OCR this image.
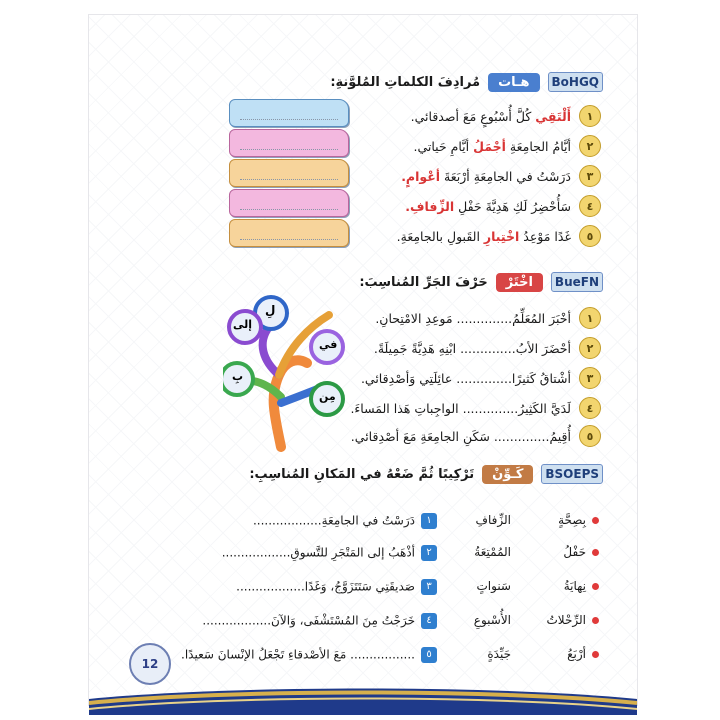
BoHGQ
هـات
مُرادِفَ الكلماتِ المُلوَّنةِ:
١
أَلْتَقِي كُلَّ أُسْبُوعٍ مَعَ أصدقائي.
٢
أيَّامُ الجامِعَةِ أجْمَلُ أيَّامِ حَياتي.
٣
دَرَسْتُ في الجامِعَةِ أرْبَعَةَ أعْوامٍ.
٤
سَأُحْضِرُ لَكِ هَدِيَّةَ حَفْلِ الزِّفافِ.
٥
غَدًا مَوْعِدُ اخْتِبارِ القَبولِ بالجامِعَةِ.
BueFN
اخْتَرْ
حَرْفَ الجَرِّ المُناسِبَ:
١
أخْبَرَ المُعَلِّمُ.............. مَوعِدِ الامْتِحانِ.
٢
أحْضَرَ الأبُ.............. ابْنِهِ هَدِيَّةً جَمِيلَةً.
٣
أشْتاقُ كَثيرًا.............. عائِلَتِي وَأصْدِقائي.
٤
لَدَيَّ الكَثِيرُ.............. الواجِباتِ هَذا المَساءَ.
٥
أُقِيمُ.............. سَكَنِ الجامِعَةِ مَعَ أصْدِقائي.
لِ
إلى
في
بِ
مِن
BSOEPS
كَـوِّنْ
تَرْكِيبًا ثُمَّ ضَعْهُ في المَكانِ المُناسِبِ:
بِصِحَّةٍ
حَفْلُ
نِهايَةُ
الرِّحْلاتُ
أرْبَعُ
الزِّفافِ
المُمْتِعَةُ
سَنواتٍ
الأُسْبوعِ
جَيِّدَةٍ
١دَرَسْتُ في الجامِعَةِ..................
٢أذْهَبُ إلى المَتْجَرِ للتَّسوقِ..................
٣صَديقَتِي سَتَتَزَوَّجُ، وَغَدًا..................
٤خَرَجْتُ مِنَ المُسْتَشْفَى، وَالآنَ..................
٥................. مَعَ الأصْدقاءِ تَجْعَلُ الإنْسانَ سَعيدًا.
12
